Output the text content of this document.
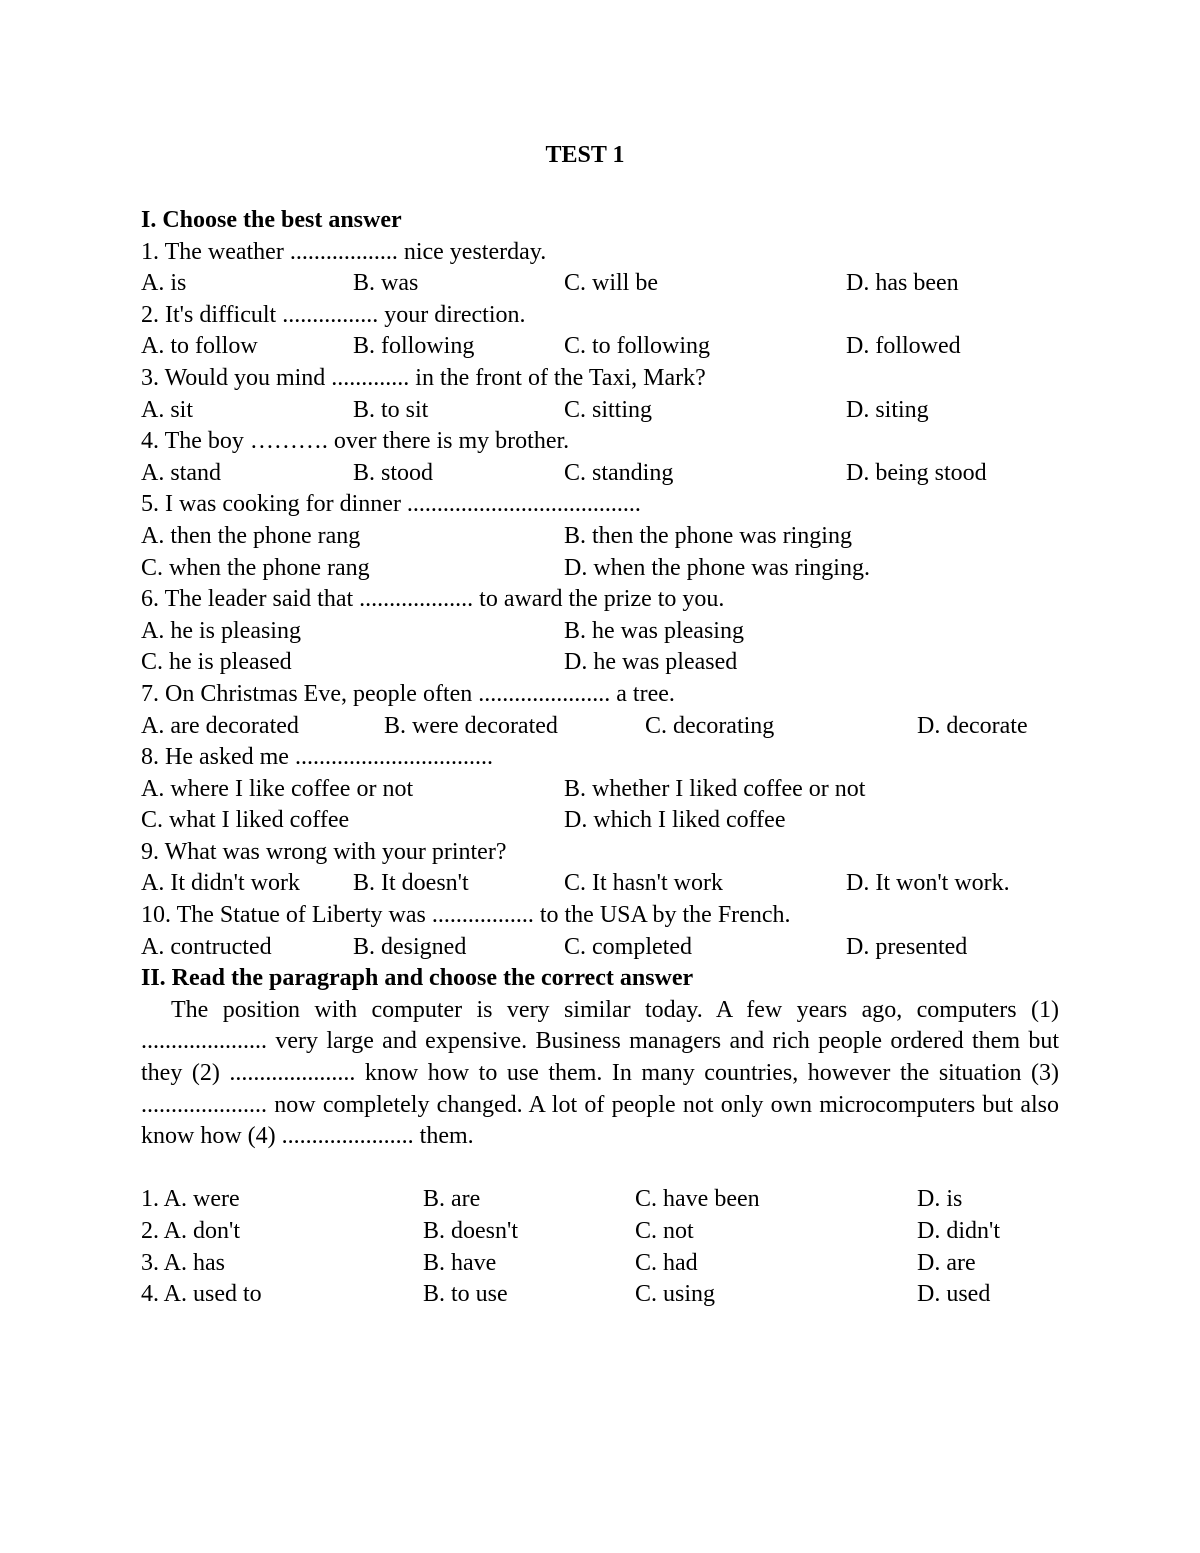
TEST 1
I. Choose the best answer
1. The weather .................. nice yesterday.
A. is	B. was	C. will be	D. has been
2. It's difficult ................ your direction.
A. to follow	B. following	C. to following	D. followed
3. Would you mind ............. in the front of the Taxi, Mark?
A. sit	B. to sit	C. sitting	D. siting
4. The boy ………. over there is my brother.
A. stand	B. stood	C. standing	D. being stood
5. I was cooking for dinner .......................................
A. then the phone rang	B. then the phone was ringing
C. when the phone rang	D. when the phone was ringing.
6. The leader said that ................... to award the prize to you.
A. he is pleasing	B. he was pleasing
C. he is pleased	D. he was pleased
7. On Christmas Eve, people often ...................... a tree.
A. are decorated	B. were decorated	C. decorating	D. decorate
8. He asked me .................................
A. where I like coffee or not	B. whether I liked coffee or not
C. what I liked coffee	D. which I liked coffee
9. What was wrong with your printer?
A. It didn't work B. It doesn't	C. It hasn't work	D. It won't work.
10. The Statue of Liberty was ................. to the USA by the French.
A. contructed	B. designed	C. completed	D. presented
II. Read the paragraph and choose the correct answer

The position with computer is very similar today. A few years ago, computers (1) ..................... very large and expensive. Business managers and rich people ordered them but they (2) ..................... know how to use them. In many countries, however the situation (3) ..................... now completely changed. A lot of people not only own microcomputers but also know how (4) ...................... them.

1. A. were	B. are	C. have been	D. is
2. A. don't	B. doesn't	C. not	D. didn't
3. A. has	B. have	C. had	D. are
4. A. used to	B. to use	C. using	D. used
